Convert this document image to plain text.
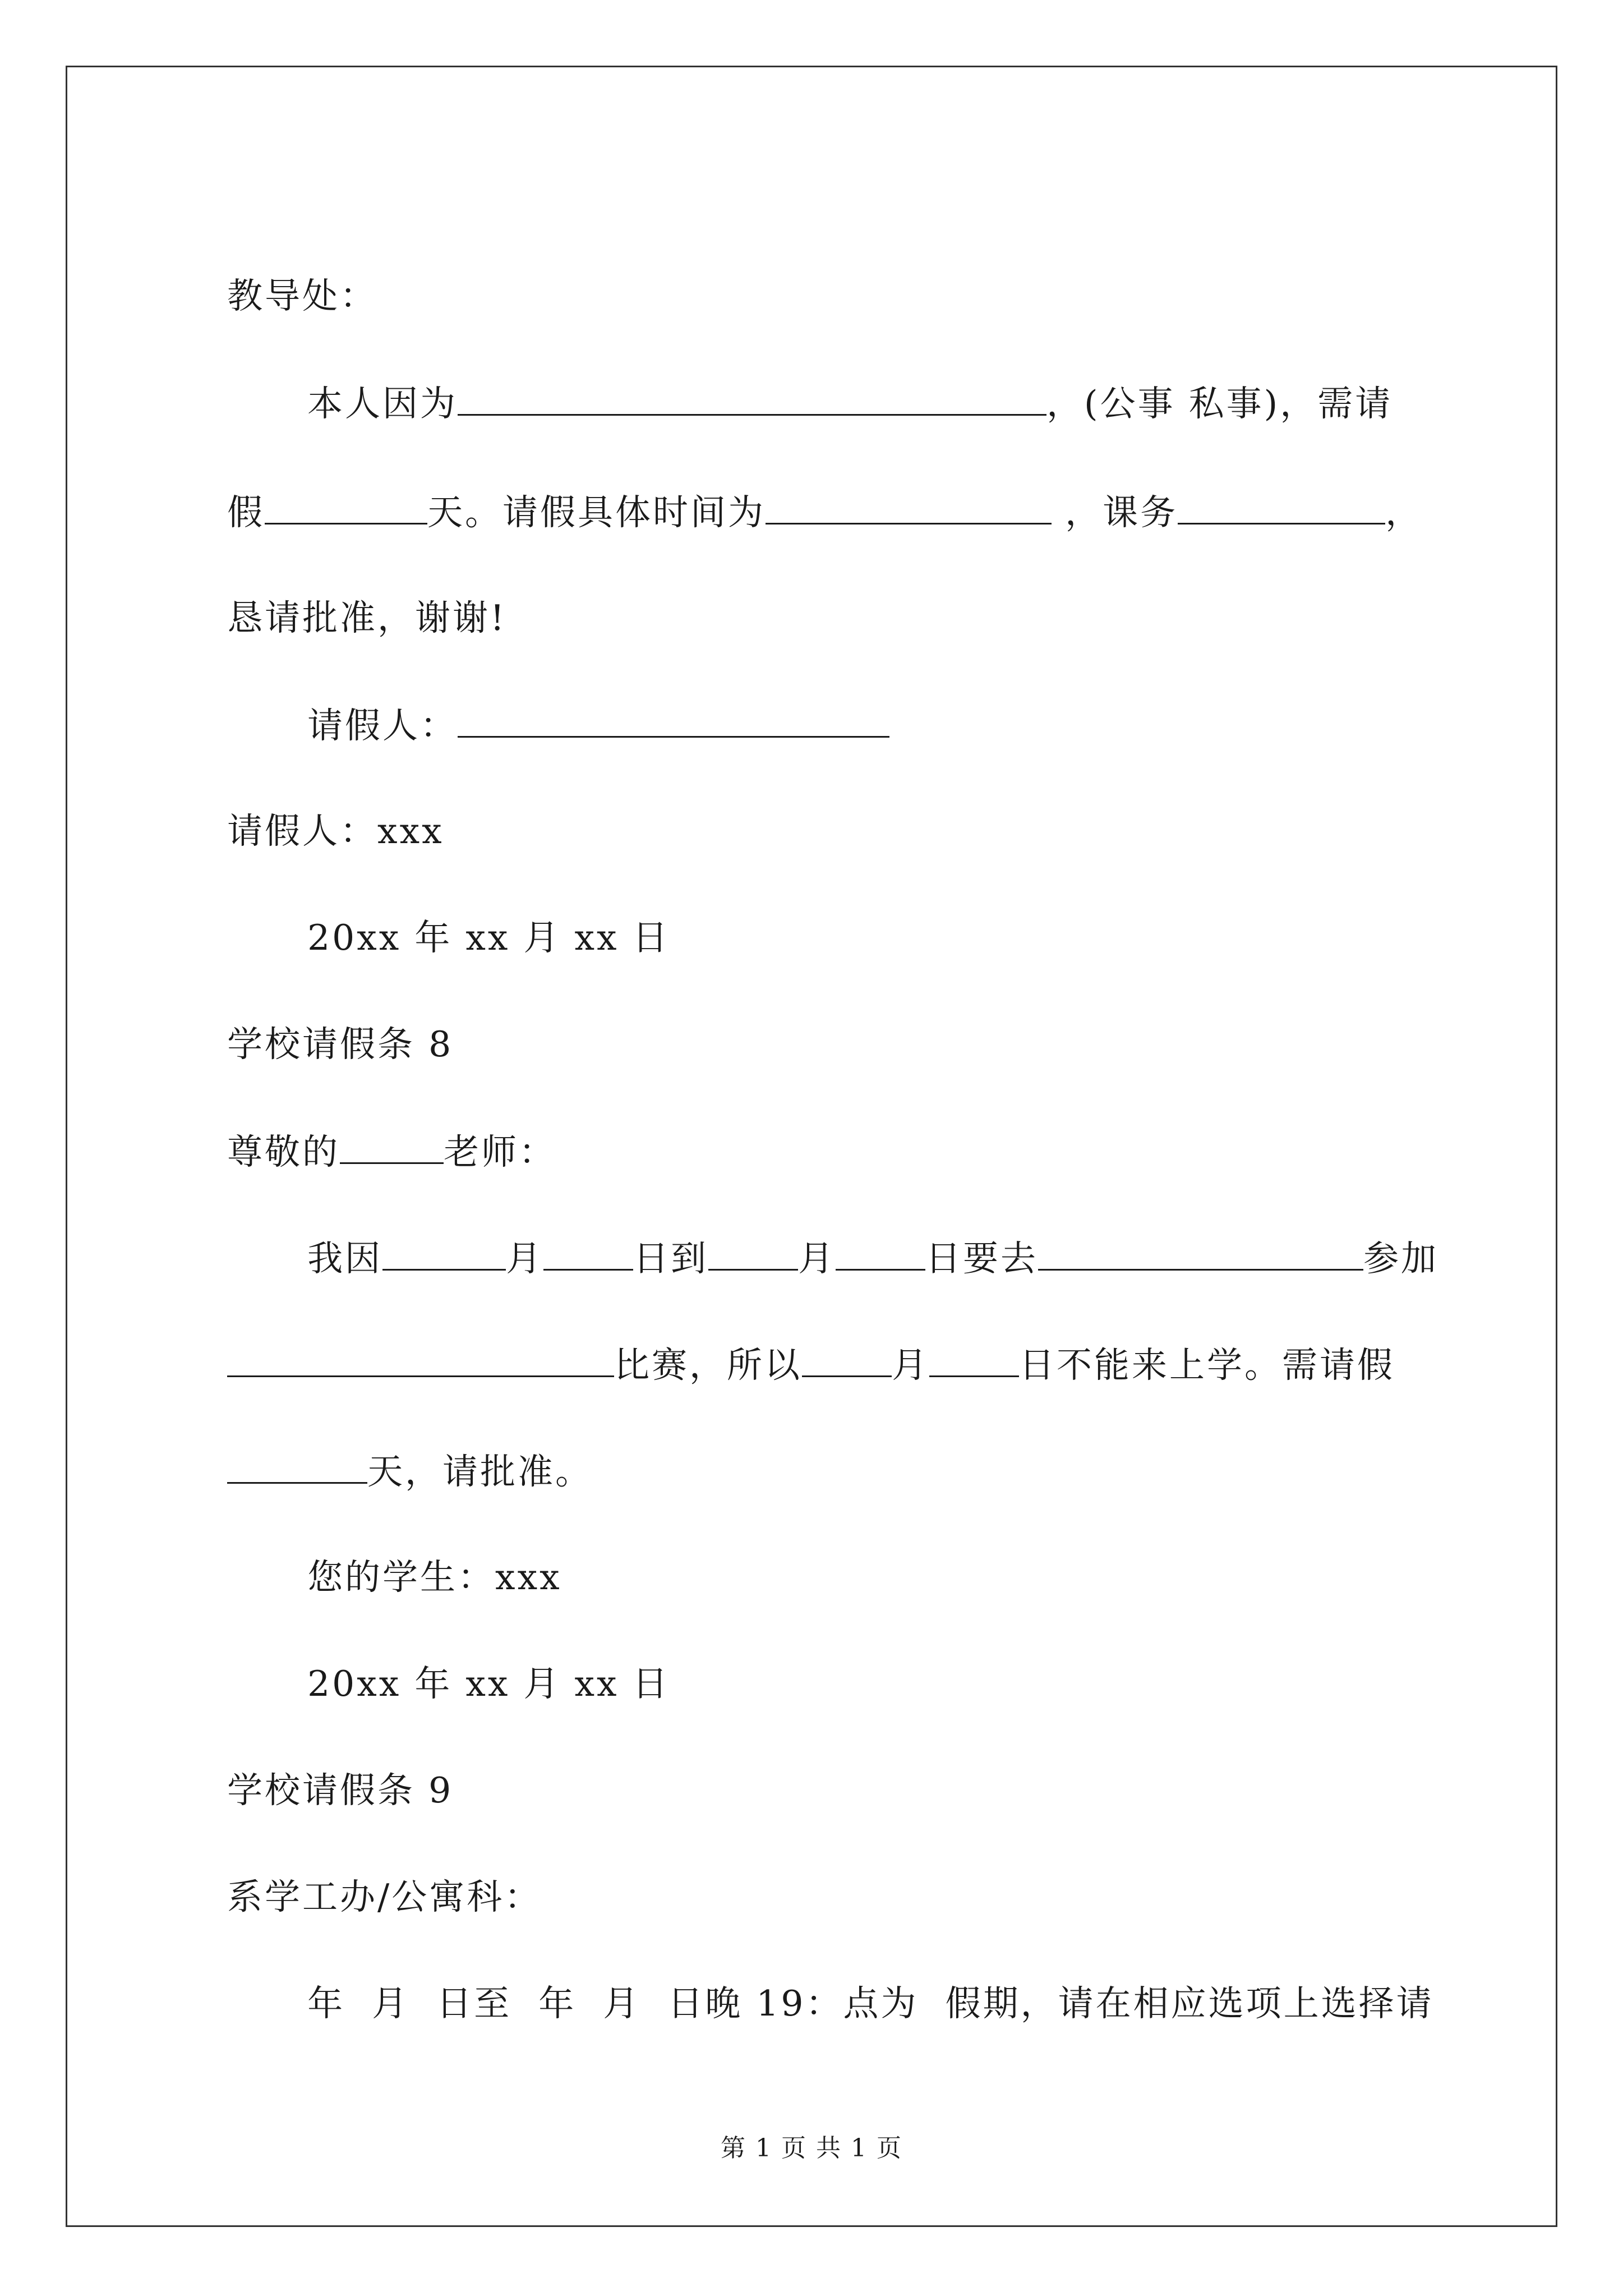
教导处：

本人因为	，(公事 私事)，需请

假	天。请假具体时间为	，课务	，

恳请批准，谢谢!

请假人：

请假人：xxx

20xx 年 xx 月 xx 日

学校请假条 8

尊敬的	老师：

我因	月	日到	月	日要去	参加

比赛，所以	月	日不能来上学。需请假

天，请批准。

您的学生：xxx

20xx 年 xx 月 xx 日

学校请假条 9

系学工办/公寓科：

年  月  日至  年  月  日晚 19：点为  假期，请在相应选项上选择请

第 1 页 共 1 页
